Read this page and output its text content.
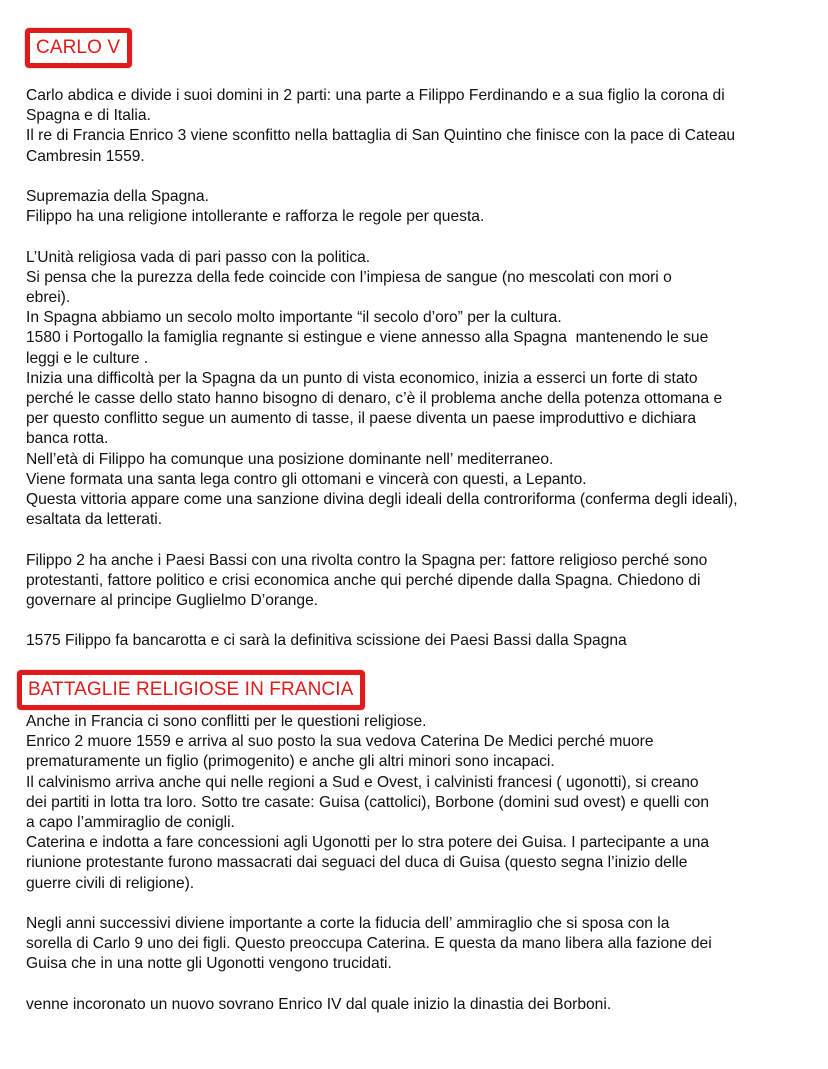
CARLO V

Carlo abdica e divide i suoi domini in 2 parti: una parte a Filippo Ferdinando e a sua figlio la corona di

Spagna e di Italia.

Il re di Francia Enrico 3 viene sconfitto nella battaglia di San Quintino che finisce con la pace di Cateau

Cambresin 1559.

Supremazia della Spagna.

Filippo ha una religione intollerante e rafforza le regole per questa.

L’Unità religiosa vada di pari passo con la politica.

Si pensa che la purezza della fede coincide con l’impiesa de sangue (no mescolati con mori o

ebrei).

In Spagna abbiamo un secolo molto importante “il secolo d’oro” per la cultura.

1580 i Portogallo la famiglia regnante si estingue e viene annesso alla Spagna  mantenendo le sue

leggi e le culture .

Inizia una difficoltà per la Spagna da un punto di vista economico, inizia a esserci un forte di stato

perché le casse dello stato hanno bisogno di denaro, c’è il problema anche della potenza ottomana e

per questo conflitto segue un aumento di tasse, il paese diventa un paese improduttivo e dichiara

banca rotta.

Nell’età di Filippo ha comunque una posizione dominante nell’ mediterraneo.

Viene formata una santa lega contro gli ottomani e vincerà con questi, a Lepanto.

Questa vittoria appare come una sanzione divina degli ideali della controriforma (conferma degli ideali),

esaltata da letterati.

Filippo 2 ha anche i Paesi Bassi con una rivolta contro la Spagna per: fattore religioso perché sono

protestanti, fattore politico e crisi economica anche qui perché dipende dalla Spagna. Chiedono di

governare al principe Guglielmo D’orange.

1575 Filippo fa bancarotta e ci sarà la definitiva scissione dei Paesi Bassi dalla Spagna

BATTAGLIE RELIGIOSE IN FRANCIA

Anche in Francia ci sono conflitti per le questioni religiose.

Enrico 2 muore 1559 e arriva al suo posto la sua vedova Caterina De Medici perché muore

prematuramente un figlio (primogenito) e anche gli altri minori sono incapaci.

Il calvinismo arriva anche qui nelle regioni a Sud e Ovest, i calvinisti francesi ( ugonotti), si creano

dei partiti in lotta tra loro. Sotto tre casate: Guisa (cattolici), Borbone (domini sud ovest) e quelli con

a capo l’ammiraglio de conigli.

Caterina e indotta a fare concessioni agli Ugonotti per lo stra potere dei Guisa. I partecipante a una

riunione protestante furono massacrati dai seguaci del duca di Guisa (questo segna l’inizio delle

guerre civili di religione).

Negli anni successivi diviene importante a corte la fiducia dell’ ammiraglio che si sposa con la

sorella di Carlo 9 uno dei figli. Questo preoccupa Caterina. E questa da mano libera alla fazione dei

Guisa che in una notte gli Ugonotti vengono trucidati.

venne incoronato un nuovo sovrano Enrico IV dal quale inizio la dinastia dei Borboni.
